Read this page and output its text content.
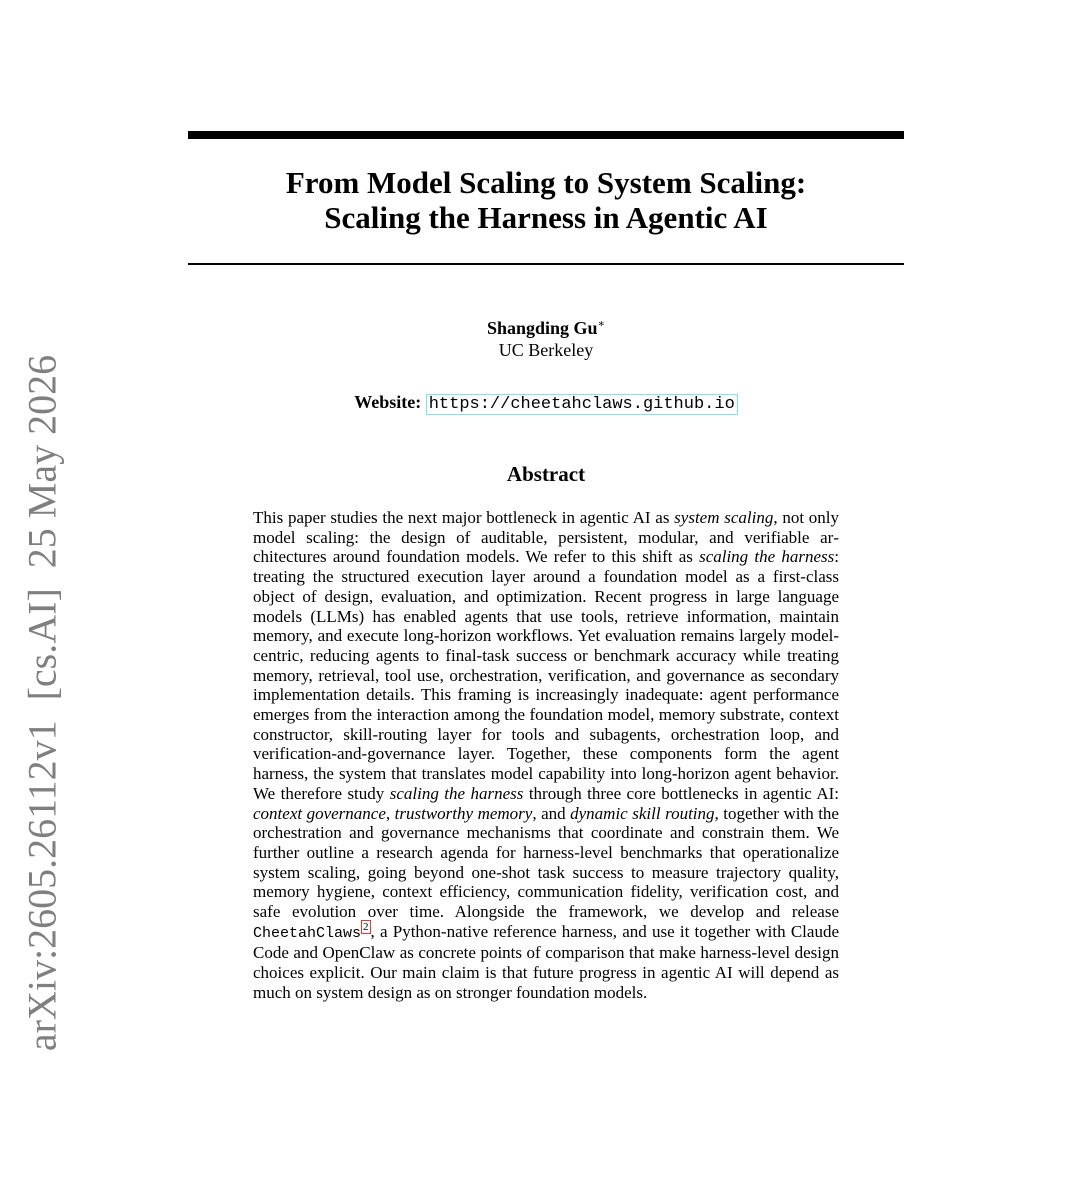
arXiv:2605.26112v1[cs.AI]25 May 2026
From Model Scaling to System Scaling:
Scaling the Harness in Agentic AI
Shangding Gu∗
UC Berkeley
Website: https://cheetahclaws.github.io
Abstract
This paper studies the next major bottleneck in agentic AI as system scaling, not only model scaling: the design of auditable, persistent, modular, and verifiable architectures around foundation models. We refer to this shift as scaling the harness: treating the structured execution layer around a foundation model as a first-class object of design, evaluation, and optimization. Recent progress in large language models (LLMs) has enabled agents that use tools, retrieve information, maintain memory, and execute long-horizon workflows. Yet evaluation remains largely model-centric, reducing agents to final-task success or benchmark accuracy while treating memory, retrieval, tool use, orchestration, verification, and governance as secondary implementation details. This framing is increasingly inadequate: agent performance emerges from the interaction among the foundation model, memory substrate, context constructor, skill-routing layer for tools and subagents, orchestration loop, and verification-and-governance layer. Together, these components form the agent harness, the system that translates model capability into long-horizon agent behavior. We therefore study scaling the harness through three core bottlenecks in agentic AI: context governance, trustworthy memory, and dynamic skill routing, together with the orchestration and governance mechanisms that coordinate and constrain them. We further outline a research agenda for harness-level benchmarks that operationalize system scaling, going beyond one-shot task success to measure trajectory quality, memory hygiene, context efficiency, communication fidelity, verification cost, and safe evolution over time. Alongside the framework, we develop and release CheetahClaws $^2$ , a Python-native reference harness, and use it together with Claude Code and OpenClaw as concrete points of comparison that make harness-level design choices explicit. Our main claim is that future progress in agentic AI will depend as much on system design as on stronger foundation models.
